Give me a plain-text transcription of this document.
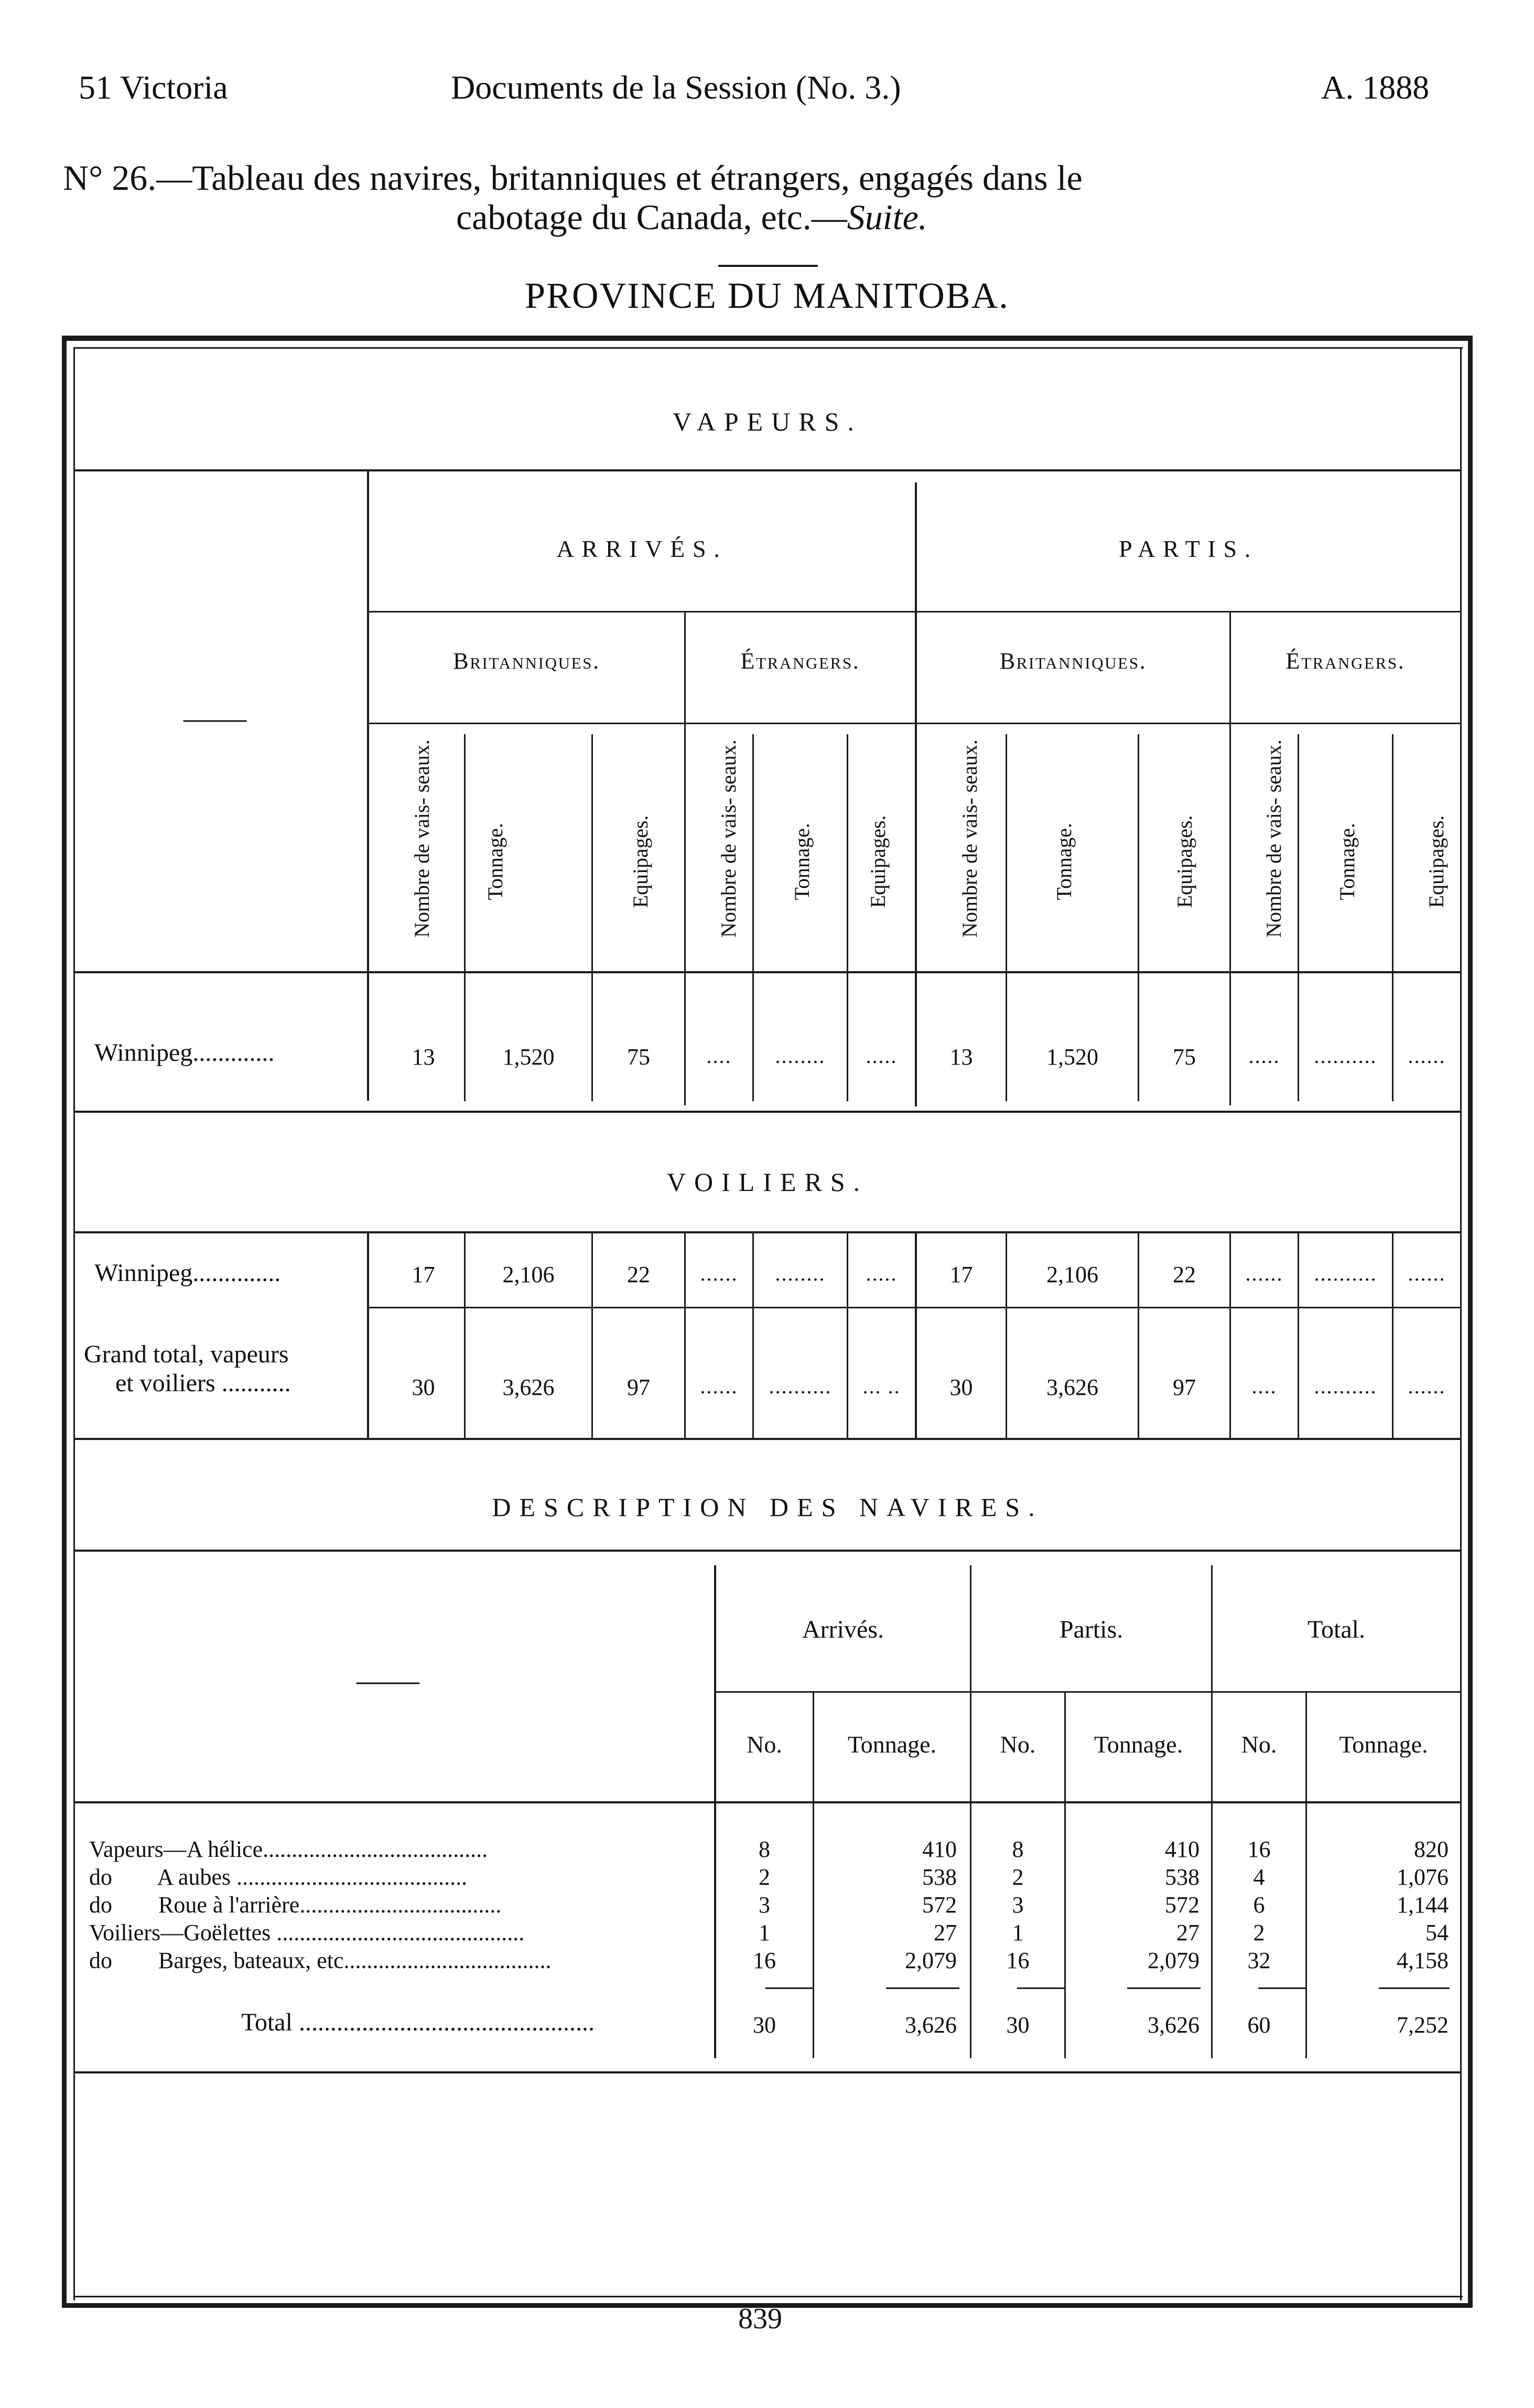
51 Victoria	Documents de la Session (No. 3.)	A. 1888
N° 26.—Tableau des navires, britanniques et étrangers, engagés dans le
cabotage du Canada, etc.—Suite.
PROVINCE DU MANITOBA.
VAPEURS.
——
ARRIVÉS.	PARTIS.
Britanniques.	Étrangers.	Britanniques.	Étrangers.
Nombre de vais- seaux. Tonnage.	Equipages.	Nombre de vais- seaux. Tonnage.	Equipages.	Nombre de vais- seaux.	Tonnage.	Equipages.	Nombre de vais- seaux. Tonnage.	Equipages.
Winnipeg.............	13	1,520	75	....	........	.....	13	1,520	75	.....	..........	......
VOILIERS.
Winnipeg..............	17	2,106	22	......	........	.....	17	2,106	22	......	..........	......
Grand total, vapeurs
et voiliers ...........	30	3,626	97	......	..........	... ..	30	3,626	97	....	..........	......
DESCRIPTION DES NAVIRES.
——
Arrivés.	Partis.	Total.
No.	Tonnage.	No.	Tonnage.	No.	Tonnage.
Vapeurs—A hélice.......................................	8	410	8	410	16	820
do        A aubes ........................................	2	538	2	538	4	1,076
do        Roue à l'arrière...................................	3	572	3	572	6	1,144
Voiliers—Goëlettes ...........................................	1	27	1	27	2	54
do        Barges, bateaux, etc....................................	16	2,079	16	2,079	32	4,158
Total ...............................................	30	3,626	30	3,626	60	7,252
839
